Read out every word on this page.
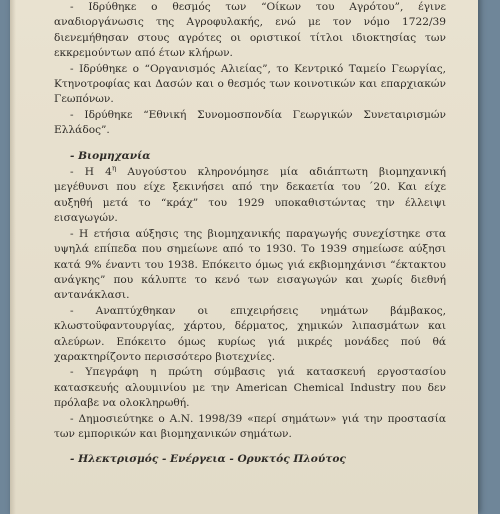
- Ιδρύθηκε ο θεσμός των “Οίκων του Αγρότου”, έγινε αναδιοργάνωσις της Αγροφυλακής, ενώ με τον νόμο 1722/39 διενεμήθησαν στους αγρότες οι οριστικοί τίτλοι ιδιοκτησίας των εκκρεμούντων από έτων κλήρων.

- Ιδρύθηκε ο “Οργανισμός Αλιείας”, το Κεντρικό Ταμείο Γεωργίας, Κτηνοτροφίας και Δασών και ο θεσμός των κοινοτικών και επαρχιακών Γεωπόνων.

- Ιδρύθηκε “Εθνική Συνομοσπονδία Γεωργικών Συνεταιρισμών Ελλάδος”.

- Βιομηχανία

- Η $4^\eta$ Αυγούστου κληρονόμησε μία αδιάπτωτη βιομηχανική μεγέθυνσι που είχε ξεκινήσει από την δεκαετία του ΄20. Και είχε αυξηθή μετά το “κράχ” του 1929 υποκαθιστώντας την έλλειψι εισαγωγών.

- Η ετήσια αύξησις της βιομηχανικής παραγωγής συνεχίστηκε στα υψηλά επίπεδα που σημείωνε από το 1930. Το 1939 σημείωσε αύξησι κατά 9% έναντι του 1938. Επόκειτο όμως γιά εκβιομηχάνισι “έκτακτου ανάγκης” που κάλυπτε το κενό των εισαγωγών και χωρίς διεθνή αντανάκλασι.

- Αναπτύχθηκαν οι επιχειρήσεις νημάτων βάμβακος, κλωστοϋφαντουργίας, χάρτου, δέρματος, χημικών λιπασμάτων και αλεύρων. Επόκειτο όμως κυρίως γιά μικρές μονάδες πού θά χαρακτηρίζοντο περισσότερο βιοτεχνίες.

- Υπεγράφη η πρώτη σύμβασις γιά κατασκευή εργοστασίου κατασκευής αλουμινίου με την American Chemical Industry που δεν πρόλαβε να ολοκληρωθή.

- Δημοσιεύτηκε ο Α.Ν. 1998/39 «περί σημάτων» γιά την προστασία των εμπορικών και βιομηχανικών σημάτων.

- Ηλεκτρισμός - Ενέργεια - Ορυκτός Πλούτος
